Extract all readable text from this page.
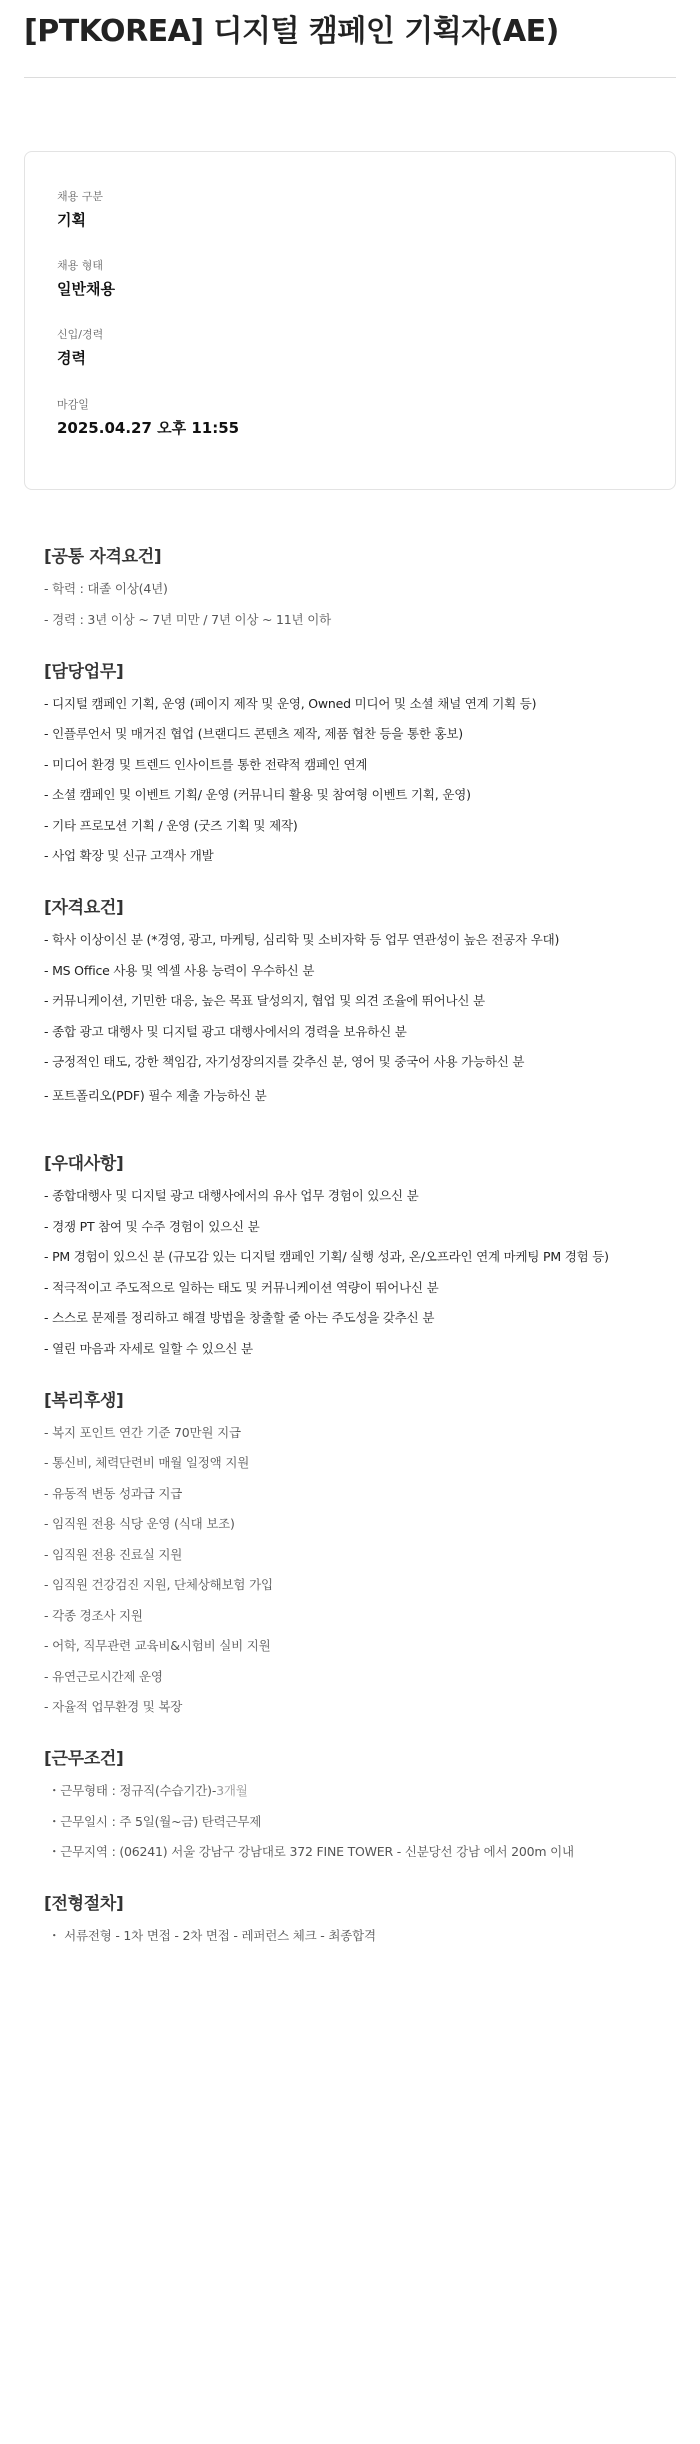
[PTKOREA] 디지털 캠페인 기획자(AE)
채용 구분
기획
채용 형태
일반채용
신입/경력
경력
마감일
2025.04.27 오후 11:55
[공통 자격요건]

- 학력 : 대졸 이상(4년)

- 경력 : 3년 이상 ~ 7년 미만 / 7년 이상 ~ 11년 이하

[담당업무]

- 디지털 캠페인 기획, 운영 (페이지 제작 및 운영, Owned 미디어 및 소셜 채널 연계 기획 등)

- 인플루언서 및 매거진 협업 (브랜디드 콘텐츠 제작, 제품 협찬 등을 통한 홍보)

- 미디어 환경 및 트렌드 인사이트를 통한 전략적 캠페인 연계

- 소셜 캠페인 및 이벤트 기획/ 운영 (커뮤니티 활용 및 참여형 이벤트 기획, 운영)

- 기타 프로모션 기획 / 운영 (굿즈 기획 및 제작)

- 사업 확장 및 신규 고객사 개발

[자격요건]

- 학사 이상이신 분 (*경영, 광고, 마케팅, 심리학 및 소비자학 등 업무 연관성이 높은 전공자 우대)

- MS Office 사용 및 엑셀 사용 능력이 우수하신 분

- 커뮤니케이션, 기민한 대응, 높은 목표 달성의지, 협업 및 의견 조율에 뛰어나신 분

- 종합 광고 대행사 및 디지털 광고 대행사에서의 경력을 보유하신 분

- 긍정적인 태도, 강한 책임감, 자기성장의지를 갖추신 분, 영어 및 중국어 사용 가능하신 분

- 포트폴리오(PDF) 필수 제출 가능하신 분

[우대사항]

- 종합대행사 및 디지털 광고 대행사에서의 유사 업무 경험이 있으신 분

- 경쟁 PT 참여 및 수주 경험이 있으신 분

- PM 경험이 있으신 분 (규모감 있는 디지털 캠페인 기획/ 실행 성과, 온/오프라인 연계 마케팅 PM 경험 등)

- 적극적이고 주도적으로 일하는 태도 및 커뮤니케이션 역량이 뛰어나신 분

- 스스로 문제를 정리하고 해결 방법을 창출할 줄 아는 주도성을 갖추신 분

- 열린 마음과 자세로 일할 수 있으신 분

[복리후생]

- 복지 포인트 연간 기준 70만원 지급

- 통신비, 체력단련비 매월 일정액 지원

- 유동적 변동 성과급 지급

- 임직원 전용 식당 운영 (식대 보조)

- 임직원 전용 진료실 지원

- 임직원 건강검진 지원, 단체상해보험 가입

- 각종 경조사 지원

- 어학, 직무관련 교육비&시험비 실비 지원

- 유연근로시간제 운영

- 자율적 업무환경 및 복장

[근무조건]

・근무형태 : 정규직(수습기간)-3개월

・근무일시 : 주 5일(월~금) 탄력근무제

・근무지역 : (06241) 서울 강남구 강남대로 372 FINE TOWER - 신분당선 강남 에서 200m 이내

[전형절차]

・ 서류전형 - 1차 면접 - 2차 면접 - 레퍼런스 체크 - 최종합격
